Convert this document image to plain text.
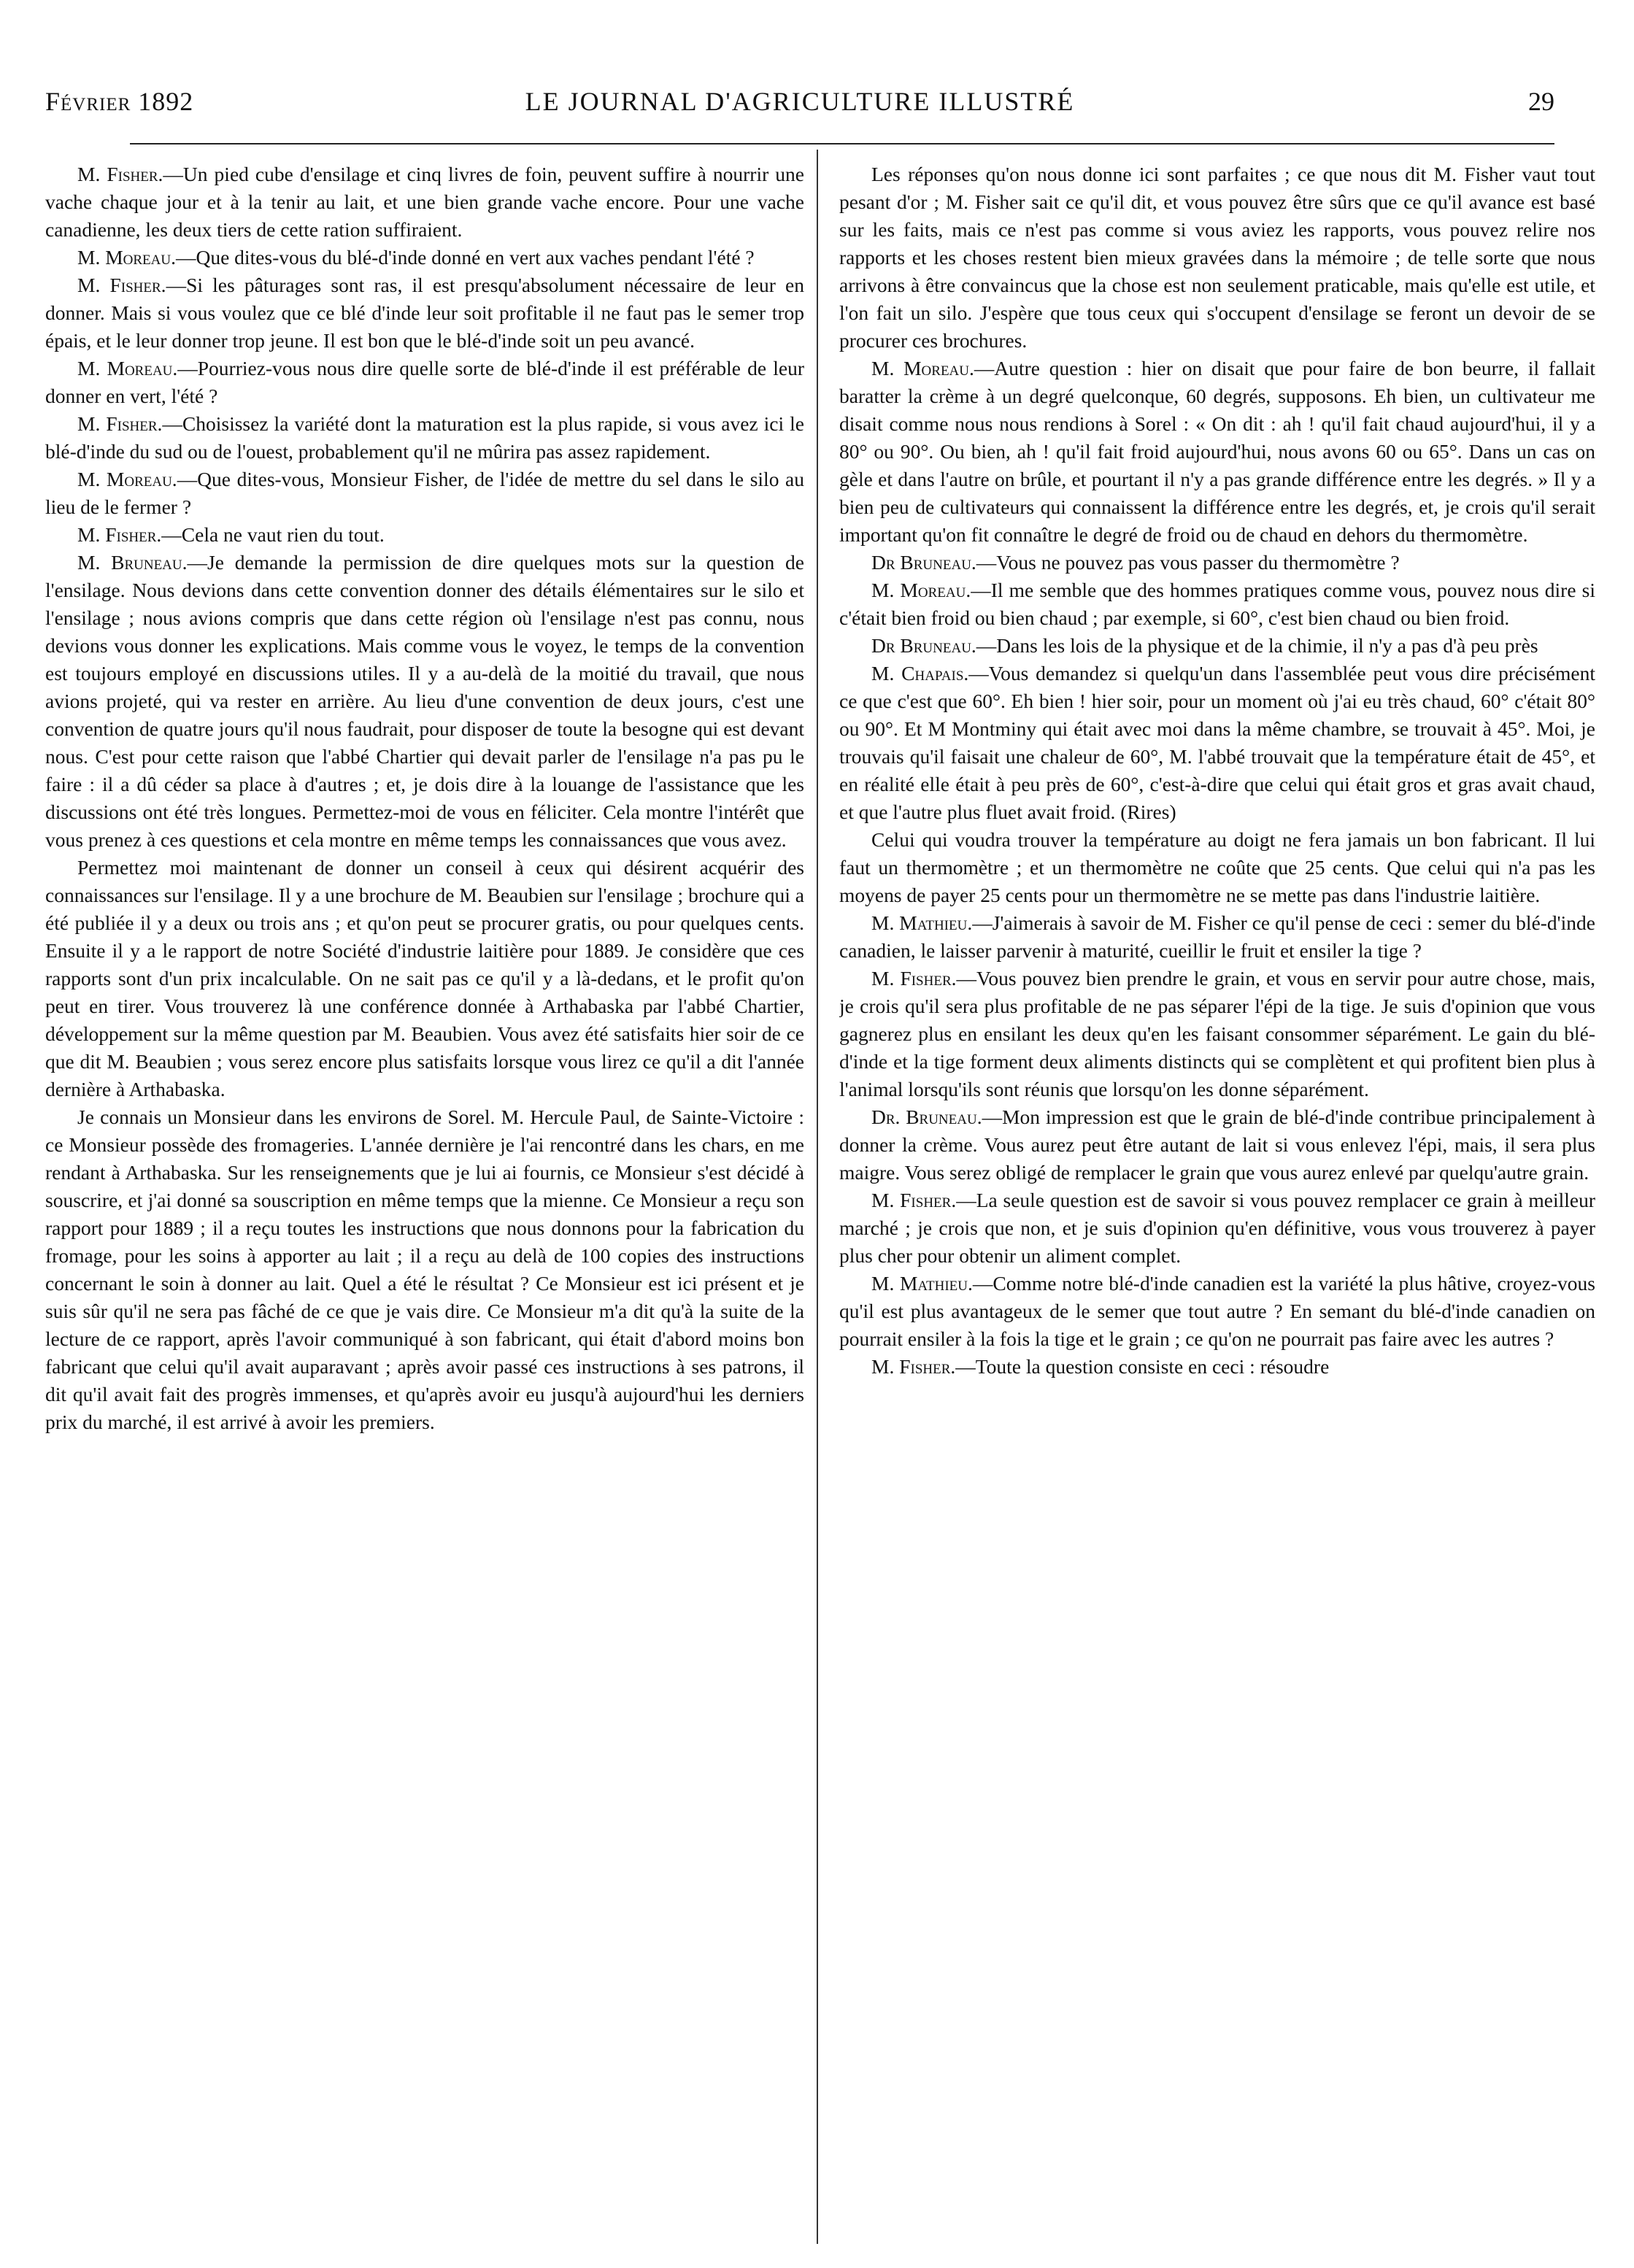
Février 1892	LE JOURNAL D'AGRICULTURE ILLUSTRÉ	29

M. Fisher.—Un pied cube d'ensilage et cinq livres de foin, peuvent suffire à nourrir une vache chaque jour et à la tenir au lait, et une bien grande vache encore. Pour une vache canadienne, les deux tiers de cette ration suffiraient.

M. Moreau.—Que dites-vous du blé-d'inde donné en vert aux vaches pendant l'été ?

M. Fisher.—Si les pâturages sont ras, il est presqu'absolument nécessaire de leur en donner. Mais si vous voulez que ce blé d'inde leur soit profitable il ne faut pas le semer trop épais, et le leur donner trop jeune. Il est bon que le blé-d'inde soit un peu avancé.

M. Moreau.—Pourriez-vous nous dire quelle sorte de blé-d'inde il est préférable de leur donner en vert, l'été ?

M. Fisher.—Choisissez la variété dont la maturation est la plus rapide, si vous avez ici le blé-d'inde du sud ou de l'ouest, probablement qu'il ne mûrira pas assez rapidement.

M. Moreau.—Que dites-vous, Monsieur Fisher, de l'idée de mettre du sel dans le silo au lieu de le fermer ?

M. Fisher.—Cela ne vaut rien du tout.

M. Bruneau.—Je demande la permission de dire quelques mots sur la question de l'ensilage. Nous devions dans cette convention donner des détails élémentaires sur le silo et l'ensilage ; nous avions compris que dans cette région où l'ensilage n'est pas connu, nous devions vous donner les explications. Mais comme vous le voyez, le temps de la convention est toujours employé en discussions utiles. Il y a au-delà de la moitié du travail, que nous avions projeté, qui va rester en arrière. Au lieu d'une convention de deux jours, c'est une convention de quatre jours qu'il nous faudrait, pour disposer de toute la besogne qui est devant nous. C'est pour cette raison que l'abbé Chartier qui devait parler de l'ensilage n'a pas pu le faire : il a dû céder sa place à d'autres ; et, je dois dire à la louange de l'assistance que les discussions ont été très longues. Permettez-moi de vous en féliciter. Cela montre l'intérêt que vous prenez à ces questions et cela montre en même temps les connaissances que vous avez.

Permettez moi maintenant de donner un conseil à ceux qui désirent acquérir des connaissances sur l'ensilage. Il y a une brochure de M. Beaubien sur l'ensilage ; brochure qui a été publiée il y a deux ou trois ans ; et qu'on peut se procurer gratis, ou pour quelques cents. Ensuite il y a le rapport de notre Société d'industrie laitière pour 1889. Je considère que ces rapports sont d'un prix incalculable. On ne sait pas ce qu'il y a là-dedans, et le profit qu'on peut en tirer. Vous trouverez là une conférence donnée à Arthabaska par l'abbé Chartier, développement sur la même question par M. Beaubien. Vous avez été satisfaits hier soir de ce que dit M. Beaubien ; vous serez encore plus satisfaits lorsque vous lirez ce qu'il a dit l'année dernière à Arthabaska.

Je connais un Monsieur dans les environs de Sorel. M. Hercule Paul, de Sainte-Victoire : ce Monsieur possède des fromageries. L'année dernière je l'ai rencontré dans les chars, en me rendant à Arthabaska. Sur les renseignements que je lui ai fournis, ce Monsieur s'est décidé à souscrire, et j'ai donné sa souscription en même temps que la mienne. Ce Monsieur a reçu son rapport pour 1889 ; il a reçu toutes les instructions que nous donnons pour la fabrication du fromage, pour les soins à apporter au lait ; il a reçu au delà de 100 copies des instructions concernant le soin à donner au lait. Quel a été le résultat ? Ce Monsieur est ici présent et je suis sûr qu'il ne sera pas fâché de ce que je vais dire. Ce Monsieur m'a dit qu'à la suite de la lecture de ce rapport, après l'avoir communiqué à son fabricant, qui était d'abord moins bon fabricant que celui qu'il avait auparavant ; après avoir passé ces instructions à ses patrons, il dit qu'il avait fait des progrès immenses, et qu'après avoir eu jusqu'à aujourd'hui les derniers prix du marché, il est arrivé à avoir les premiers.

Les réponses qu'on nous donne ici sont parfaites ; ce que nous dit M. Fisher vaut tout pesant d'or ; M. Fisher sait ce qu'il dit, et vous pouvez être sûrs que ce qu'il avance est basé sur les faits, mais ce n'est pas comme si vous aviez les rapports, vous pouvez relire nos rapports et les choses restent bien mieux gravées dans la mémoire ; de telle sorte que nous arrivons à être convaincus que la chose est non seulement praticable, mais qu'elle est utile, et l'on fait un silo. J'espère que tous ceux qui s'occupent d'ensilage se feront un devoir de se procurer ces brochures.

M. Moreau.—Autre question : hier on disait que pour faire de bon beurre, il fallait baratter la crème à un degré quelconque, 60 degrés, supposons. Eh bien, un cultivateur me disait comme nous nous rendions à Sorel : « On dit : ah ! qu'il fait chaud aujourd'hui, il y a 80° ou 90°. Ou bien, ah ! qu'il fait froid aujourd'hui, nous avons 60 ou 65°. Dans un cas on gèle et dans l'autre on brûle, et pourtant il n'y a pas grande différence entre les degrés. » Il y a bien peu de cultivateurs qui connaissent la différence entre les degrés, et, je crois qu'il serait important qu'on fit connaître le degré de froid ou de chaud en dehors du thermomètre.

Dr Bruneau.—Vous ne pouvez pas vous passer du thermomètre ?

M. Moreau.—Il me semble que des hommes pratiques comme vous, pouvez nous dire si c'était bien froid ou bien chaud ; par exemple, si 60°, c'est bien chaud ou bien froid.

Dr Bruneau.—Dans les lois de la physique et de la chimie, il n'y a pas d'à peu près

M. Chapais.—Vous demandez si quelqu'un dans l'assemblée peut vous dire précisément ce que c'est que 60°. Eh bien ! hier soir, pour un moment où j'ai eu très chaud, 60° c'était 80° ou 90°. Et M Montminy qui était avec moi dans la même chambre, se trouvait à 45°. Moi, je trouvais qu'il faisait une chaleur de 60°, M. l'abbé trouvait que la température était de 45°, et en réalité elle était à peu près de 60°, c'est-à-dire que celui qui était gros et gras avait chaud, et que l'autre plus fluet avait froid. (Rires)

Celui qui voudra trouver la température au doigt ne fera jamais un bon fabricant. Il lui faut un thermomètre ; et un thermomètre ne coûte que 25 cents. Que celui qui n'a pas les moyens de payer 25 cents pour un thermomètre ne se mette pas dans l'industrie laitière.

M. Mathieu.—J'aimerais à savoir de M. Fisher ce qu'il pense de ceci : semer du blé-d'inde canadien, le laisser parvenir à maturité, cueillir le fruit et ensiler la tige ?

M. Fisher.—Vous pouvez bien prendre le grain, et vous en servir pour autre chose, mais, je crois qu'il sera plus profitable de ne pas séparer l'épi de la tige. Je suis d'opinion que vous gagnerez plus en ensilant les deux qu'en les faisant consommer séparément. Le gain du blé-d'inde et la tige forment deux aliments distincts qui se complètent et qui profitent bien plus à l'animal lorsqu'ils sont réunis que lorsqu'on les donne séparément.

Dr. Bruneau.—Mon impression est que le grain de blé-d'inde contribue principalement à donner la crème. Vous aurez peut être autant de lait si vous enlevez l'épi, mais, il sera plus maigre. Vous serez obligé de remplacer le grain que vous aurez enlevé par quelqu'autre grain.

M. Fisher.—La seule question est de savoir si vous pouvez remplacer ce grain à meilleur marché ; je crois que non, et je suis d'opinion qu'en définitive, vous vous trouverez à payer plus cher pour obtenir un aliment complet.

M. Mathieu.—Comme notre blé-d'inde canadien est la variété la plus hâtive, croyez-vous qu'il est plus avantageux de le semer que tout autre ? En semant du blé-d'inde canadien on pourrait ensiler à la fois la tige et le grain ; ce qu'on ne pourrait pas faire avec les autres ?

M. Fisher.—Toute la question consiste en ceci : résoudre
